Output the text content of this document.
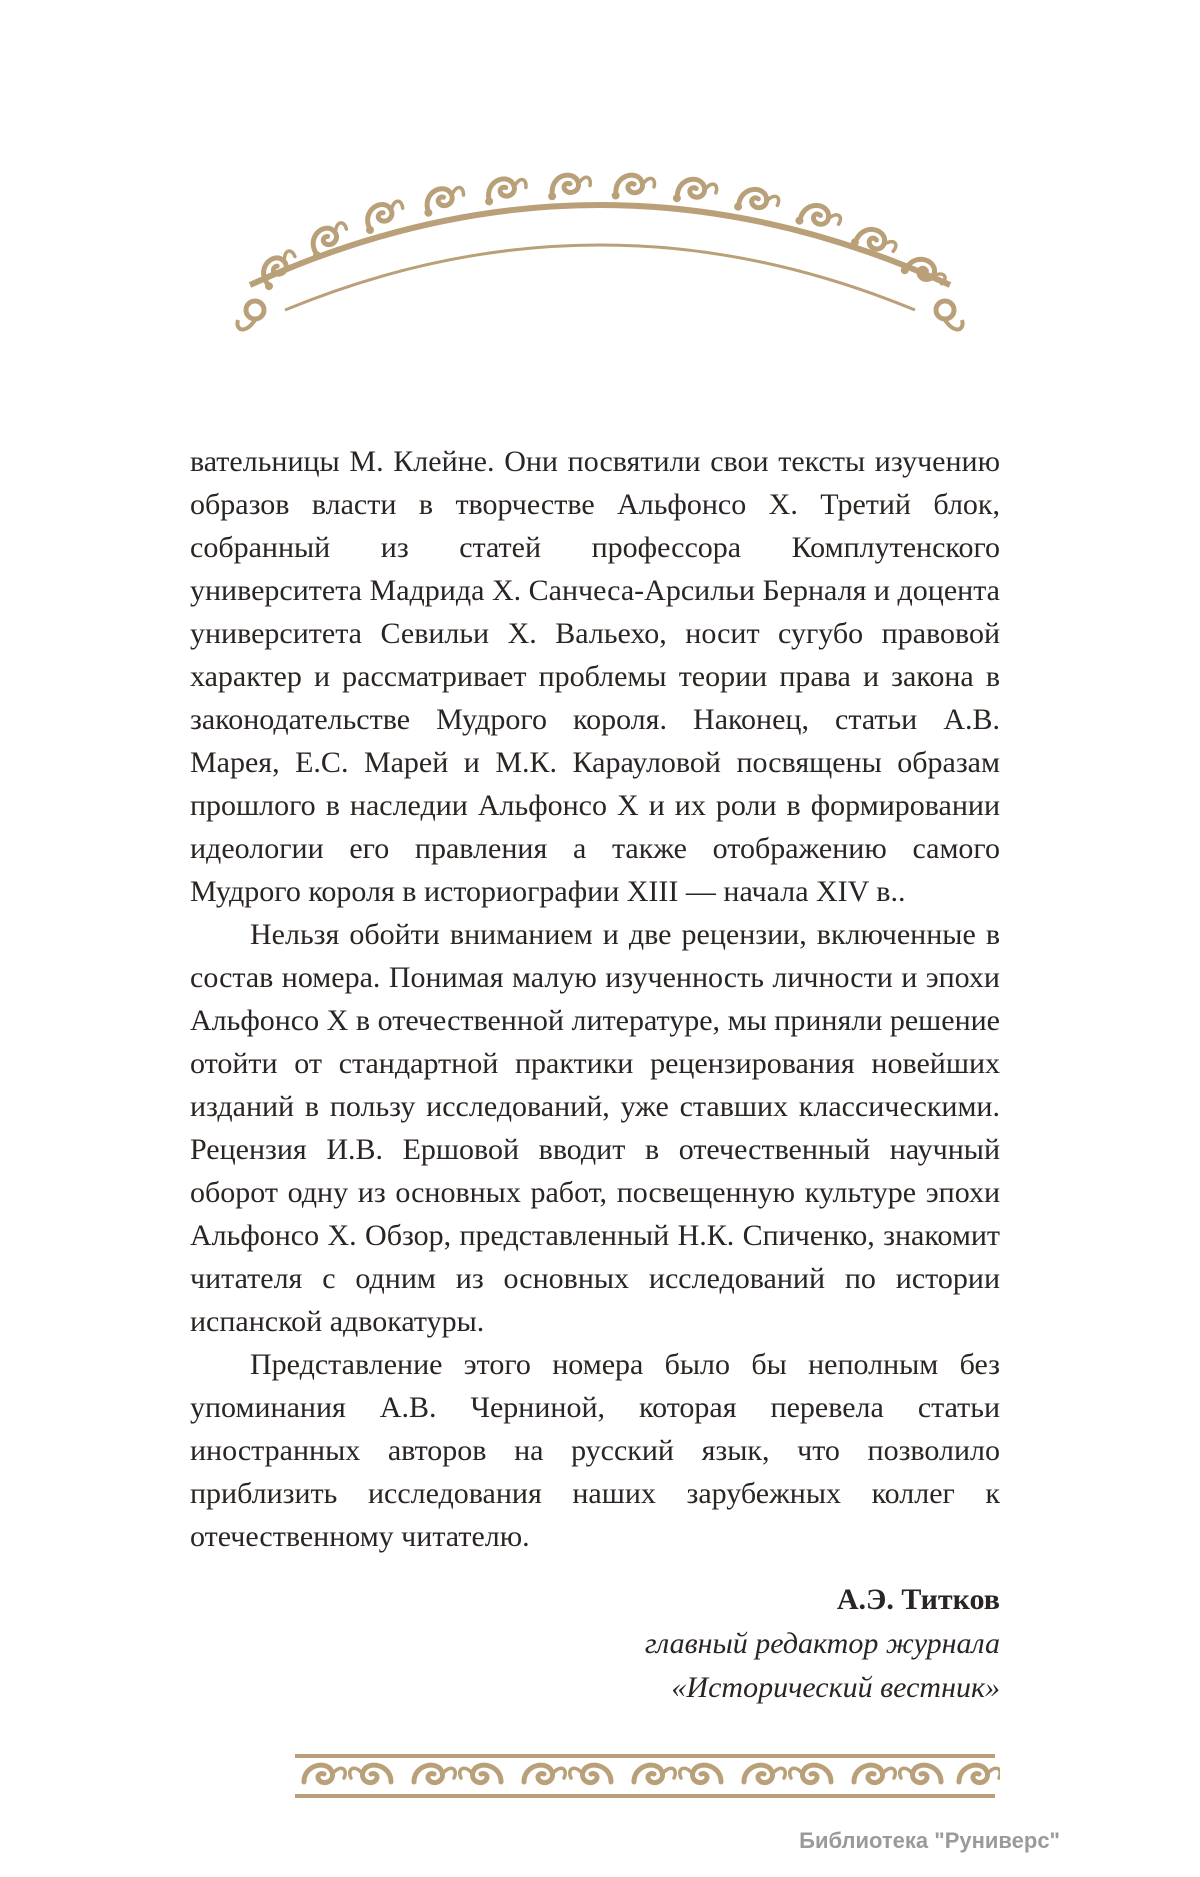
вательницы М. Клейне. Они посвятили свои тексты изучению образов власти в творчестве Альфонсо Х. Третий блок, собранный из статей профессора Комплутенского университета Мадрида Х. Санчеса-Арсильи Берналя и доцента университета Севильи Х. Вальехо, носит сугубо правовой характер и рассматривает проблемы теории права и закона в законодательстве Мудрого короля. Наконец, статьи А.В. Марея, Е.С. Марей и М.К. Карауловой посвящены образам прошлого в наследии Альфонсо Х и их роли в формировании идеологии его правления а также отображению самого Мудрого короля в историографии XIII — начала XIV в..

Нельзя обойти вниманием и две рецензии, включенные в состав номера. Понимая малую изученность личности и эпохи Альфонсо Х в отечественной литературе, мы приняли решение отойти от стандартной практики рецензирования новейших изданий в пользу исследований, уже ставших классическими. Рецензия И.В. Ершовой вводит в отечественный научный оборот одну из основных работ, посвещенную культуре эпохи Альфонсо Х. Обзор, представленный Н.К. Спиченко, знакомит читателя с одним из основных исследований по истории испанской адвокатуры.

Представление этого номера было бы неполным без упоминания А.В. Черниной, которая перевела статьи иностранных авторов на русский язык, что позволило приблизить исследования наших зарубежных коллег к отечественному читателю.

А.Э. Титков
главный редактор журнала
«Исторический вестник»
Библиотека "Руниверс"
